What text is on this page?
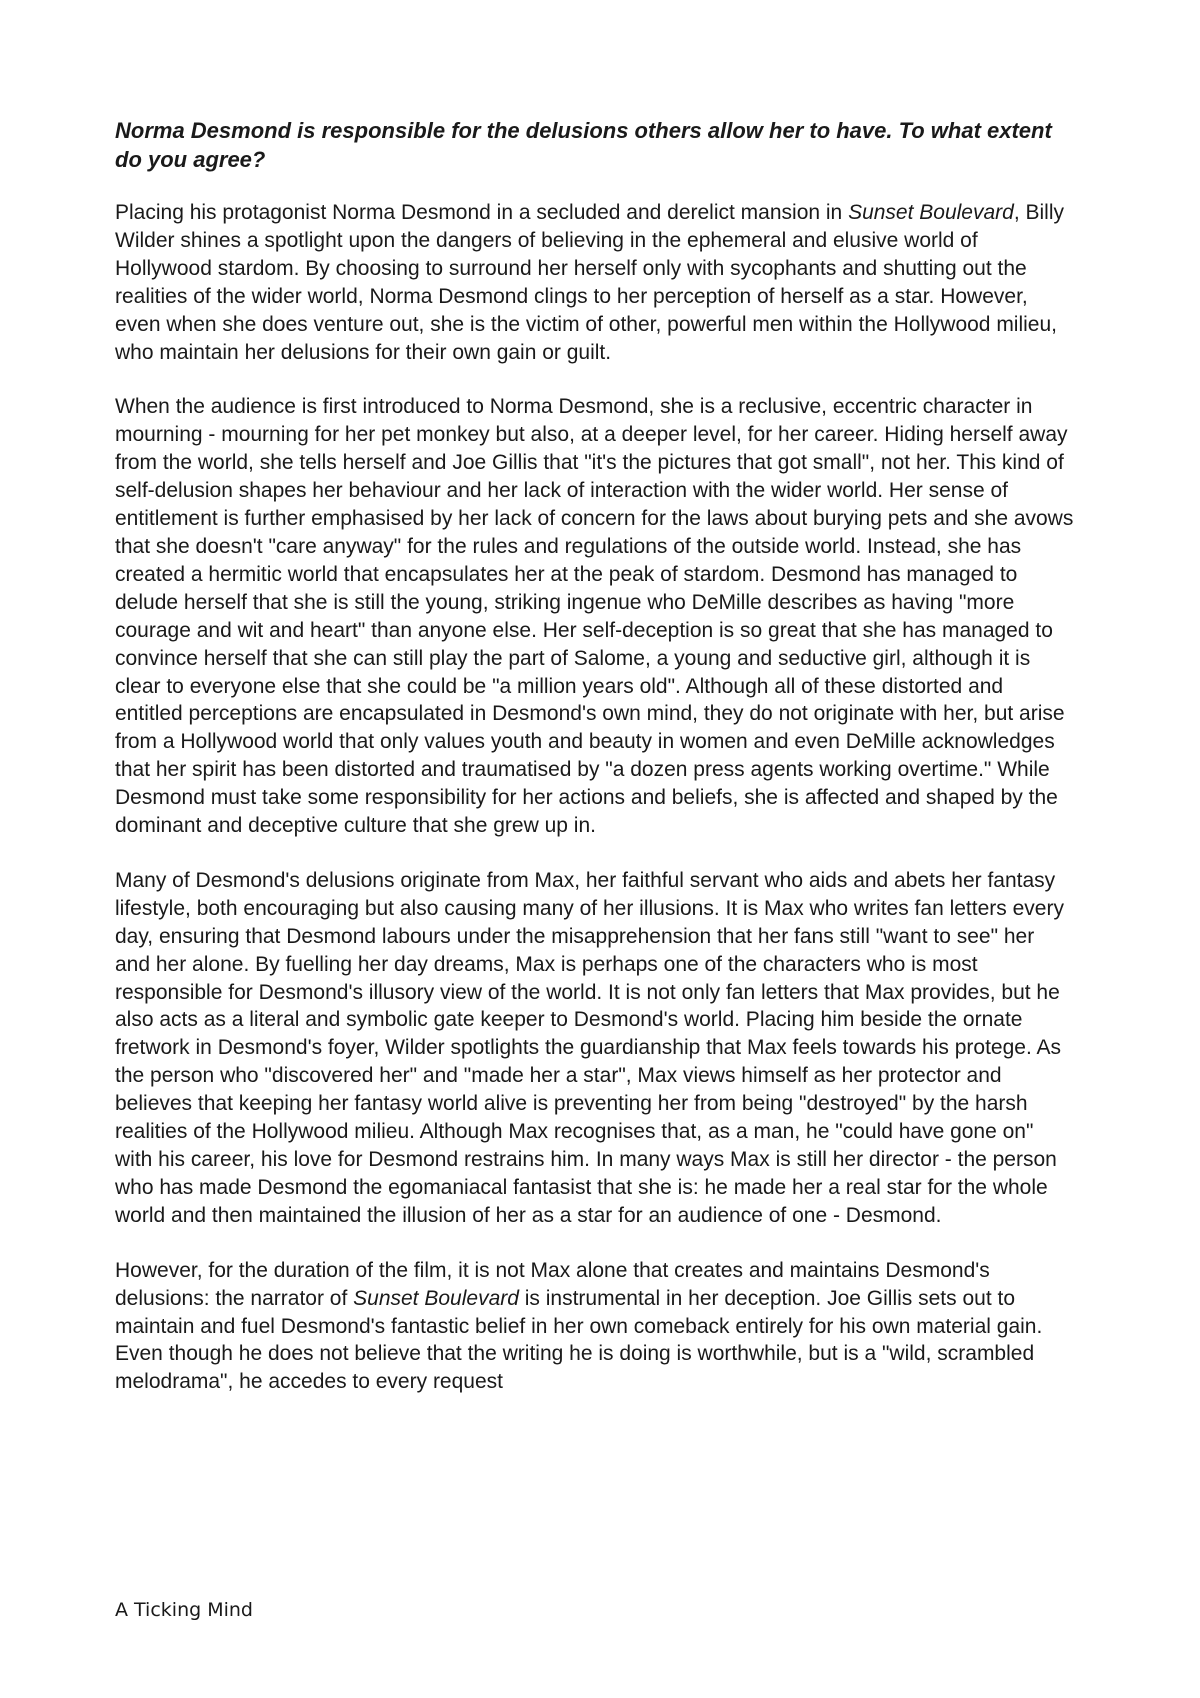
Norma Desmond is responsible for the delusions others allow her to have. To what extent do you agree?

Placing his protagonist Norma Desmond in a secluded and derelict mansion in Sunset Boulevard, Billy Wilder shines a spotlight upon the dangers of believing in the ephemeral and elusive world of Hollywood stardom. By choosing to surround her herself only with sycophants and shutting out the realities of the wider world, Norma Desmond clings to her perception of herself as a star. However, even when she does venture out, she is the victim of other, powerful men within the Hollywood milieu, who maintain her delusions for their own gain or guilt.

When the audience is first introduced to Norma Desmond, she is a reclusive, eccentric character in mourning - mourning for her pet monkey but also, at a deeper level, for her career. Hiding herself away from the world, she tells herself and Joe Gillis that "it's the pictures that got small", not her. This kind of self-delusion shapes her behaviour and her lack of interaction with the wider world. Her sense of entitlement is further emphasised by her lack of concern for the laws about burying pets and she avows that she doesn't "care anyway" for the rules and regulations of the outside world. Instead, she has created a hermitic world that encapsulates her at the peak of stardom. Desmond has managed to delude herself that she is still the young, striking ingenue who DeMille describes as having "more courage and wit and heart" than anyone else. Her self-deception is so great that she has managed to convince herself that she can still play the part of Salome, a young and seductive girl, although it is clear to everyone else that she could be "a million years old". Although all of these distorted and entitled perceptions are encapsulated in Desmond's own mind, they do not originate with her, but arise from a Hollywood world that only values youth and beauty in women and even DeMille acknowledges that her spirit has been distorted and traumatised by "a dozen press agents working overtime." While Desmond must take some responsibility for her actions and beliefs, she is affected and shaped by the dominant and deceptive culture that she grew up in.

Many of Desmond's delusions originate from Max, her faithful servant who aids and abets her fantasy lifestyle, both encouraging but also causing many of her illusions. It is Max who writes fan letters every day, ensuring that Desmond labours under the misapprehension that her fans still "want to see" her and her alone. By fuelling her day dreams, Max is perhaps one of the characters who is most responsible for Desmond's illusory view of the world. It is not only fan letters that Max provides, but he also acts as a literal and symbolic gate keeper to Desmond's world. Placing him beside the ornate fretwork in Desmond's foyer, Wilder spotlights the guardianship that Max feels towards his protege. As the person who "discovered her" and "made her a star", Max views himself as her protector and believes that keeping her fantasy world alive is preventing her from being "destroyed" by the harsh realities of the Hollywood milieu. Although Max recognises that, as a man, he "could have gone on" with his career, his love for Desmond restrains him. In many ways Max is still her director - the person who has made Desmond the egomaniacal fantasist that she is: he made her a real star for the whole world and then maintained the illusion of her as a star for an audience of one - Desmond.

However, for the duration of the film, it is not Max alone that creates and maintains Desmond's delusions: the narrator of Sunset Boulevard is instrumental in her deception. Joe Gillis sets out to maintain and fuel Desmond's fantastic belief in her own comeback entirely for his own material gain. Even though he does not believe that the writing he is doing is worthwhile, but is a "wild, scrambled melodrama", he accedes to every request

A Ticking Mind
